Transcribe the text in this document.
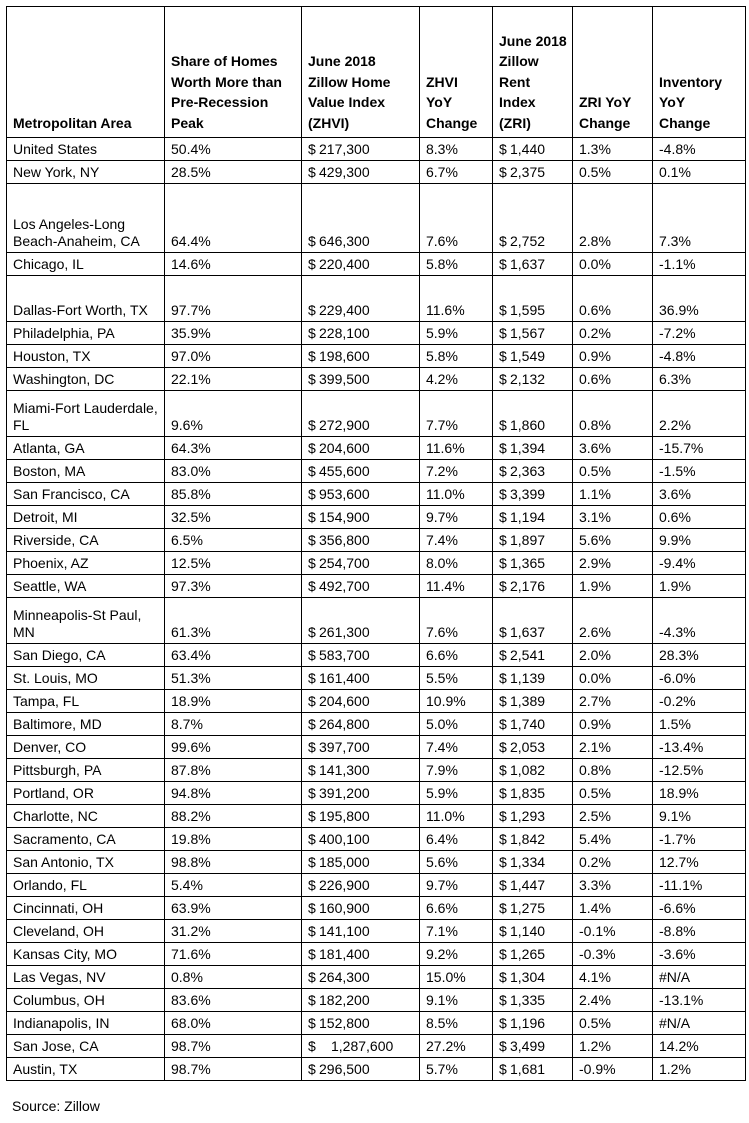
Metropolitan Area	Share of Homes Worth More than Pre-Recession Peak	June 2018 Zillow Home Value Index (ZHVI)	ZHVI YoY Change	June 2018 Zillow Rent Index (ZRI)	ZRI YoY Change	Inventory YoY Change
United States	50.4%	$ 217,300	8.3%	$ 1,440	1.3%	-4.8%
New York, NY	28.5%	$ 429,300	6.7%	$ 2,375	0.5%	0.1%
Los Angeles-Long Beach-Anaheim, CA	64.4%	$ 646,300	7.6%	$ 2,752	2.8%	7.3%
Chicago, IL	14.6%	$ 220,400	5.8%	$ 1,637	0.0%	-1.1%
Dallas-Fort Worth, TX	97.7%	$ 229,400	11.6%	$ 1,595	0.6%	36.9%
Philadelphia, PA	35.9%	$ 228,100	5.9%	$ 1,567	0.2%	-7.2%
Houston, TX	97.0%	$ 198,600	5.8%	$ 1,549	0.9%	-4.8%
Washington, DC	22.1%	$ 399,500	4.2%	$ 2,132	0.6%	6.3%
Miami-Fort Lauderdale, FL	9.6%	$ 272,900	7.7%	$ 1,860	0.8%	2.2%
Atlanta, GA	64.3%	$ 204,600	11.6%	$ 1,394	3.6%	-15.7%
Boston, MA	83.0%	$ 455,600	7.2%	$ 2,363	0.5%	-1.5%
San Francisco, CA	85.8%	$ 953,600	11.0%	$ 3,399	1.1%	3.6%
Detroit, MI	32.5%	$ 154,900	9.7%	$ 1,194	3.1%	0.6%
Riverside, CA	6.5%	$ 356,800	7.4%	$ 1,897	5.6%	9.9%
Phoenix, AZ	12.5%	$ 254,700	8.0%	$ 1,365	2.9%	-9.4%
Seattle, WA	97.3%	$ 492,700	11.4%	$ 2,176	1.9%	1.9%
Minneapolis-St Paul, MN	61.3%	$ 261,300	7.6%	$ 1,637	2.6%	-4.3%
San Diego, CA	63.4%	$ 583,700	6.6%	$ 2,541	2.0%	28.3%
St. Louis, MO	51.3%	$ 161,400	5.5%	$ 1,139	0.0%	-6.0%
Tampa, FL	18.9%	$ 204,600	10.9%	$ 1,389	2.7%	-0.2%
Baltimore, MD	8.7%	$ 264,800	5.0%	$ 1,740	0.9%	1.5%
Denver, CO	99.6%	$ 397,700	7.4%	$ 2,053	2.1%	-13.4%
Pittsburgh, PA	87.8%	$ 141,300	7.9%	$ 1,082	0.8%	-12.5%
Portland, OR	94.8%	$ 391,200	5.9%	$ 1,835	0.5%	18.9%
Charlotte, NC	88.2%	$ 195,800	11.0%	$ 1,293	2.5%	9.1%
Sacramento, CA	19.8%	$ 400,100	6.4%	$ 1,842	5.4%	-1.7%
San Antonio, TX	98.8%	$ 185,000	5.6%	$ 1,334	0.2%	12.7%
Orlando, FL	5.4%	$ 226,900	9.7%	$ 1,447	3.3%	-11.1%
Cincinnati, OH	63.9%	$ 160,900	6.6%	$ 1,275	1.4%	-6.6%
Cleveland, OH	31.2%	$ 141,100	7.1%	$ 1,140	-0.1%	-8.8%
Kansas City, MO	71.6%	$ 181,400	9.2%	$ 1,265	-0.3%	-3.6%
Las Vegas, NV	0.8%	$ 264,300	15.0%	$ 1,304	4.1%	#N/A
Columbus, OH	83.6%	$ 182,200	9.1%	$ 1,335	2.4%	-13.1%
Indianapolis, IN	68.0%	$ 152,800	8.5%	$ 1,196	0.5%	#N/A
San Jose, CA	98.7%	$ 1,287,600	27.2%	$ 3,499	1.2%	14.2%
Austin, TX	98.7%	$ 296,500	5.7%	$ 1,681	-0.9%	1.2%
Source: Zillow
